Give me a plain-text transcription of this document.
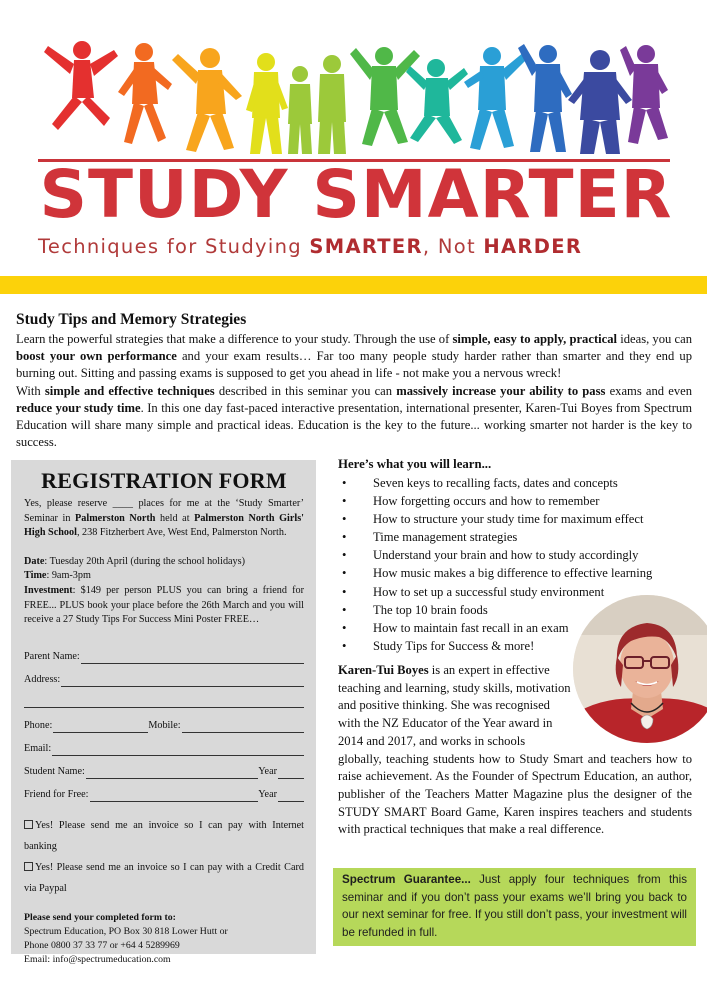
STUDY SMARTER
Techniques for Studying SMARTER, Not HARDER
Study Tips and Memory Strategies

Learn the powerful strategies that make a difference to your study. Through the use of simple, easy to apply, practical ideas, you can boost your own performance and your exam results… Far too many people study harder rather than smarter and they end up burning out. Sitting and passing exams is supposed to get you ahead in life - not make you a nervous wreck!

With simple and effective techniques described in this seminar you can massively increase your ability to pass exams and even reduce your study time. In this one day fast-paced interactive presentation, international presenter, Karen-Tui Boyes from Spectrum Education will share many simple and practical ideas. Education is the key to the future... working smarter not harder is the key to success.

REGISTRATION FORM
Yes, please reserve ____ places for me at the ‘Study Smarter’ Seminar in Palmerston North held at Palmerston North Girls' High School, 238 Fitzherbert Ave, West End, Palmerston North.
Date: Tuesday 20th April (during the school holidays)
Time: 9am-3pm
Investment: $149 per person PLUS you can bring a friend for FREE... PLUS book your place before the 26th March and you will receive a 27 Study Tips For Success Mini Poster FREE…
Parent Name:
Address:
Phone:	Mobile:
Email:
Student Name:	Year
Friend for Free:	Year
Yes! Please send me an invoice so I can pay with Internet banking
Yes! Please send me an invoice so I can pay with a Credit Card via Paypal
Please send your completed form to:
Spectrum Education, PO Box 30 818 Lower Hutt or
Phone 0800 37 33 77 or +64 4 5289969
Email: info@spectrumeducation.com
Here’s what you will learn...
• Seven keys to recalling facts, dates and concepts
• How forgetting occurs and how to remember
• How to structure your study time for maximum effect
• Time management strategies
• Understand your brain and how to study accordingly
• How music makes a big difference to effective learning
• How to set up a successful study environment
• The top 10 brain foods
• How to maintain fast recall in an exam
• Study Tips for Success & more!
Karen-Tui Boyes is an expert in effective teaching and learning, study skills, motivation and positive thinking. She was recognised with the NZ Educator of the Year award in 2014 and 2017, and works in schools
globally, teaching students how to Study Smart and teachers how to raise achievement. As the Founder of Spectrum Education, an author, publisher of the Teachers Matter Magazine plus the designer of the STUDY SMART Board Game, Karen inspires teachers and students with practical techniques that make a real difference.
Spectrum Guarantee... Just apply four techniques from this seminar and if you don’t pass your exams we’ll bring you back to our next seminar for free. If you still don’t pass, your investment will be refunded in full.
